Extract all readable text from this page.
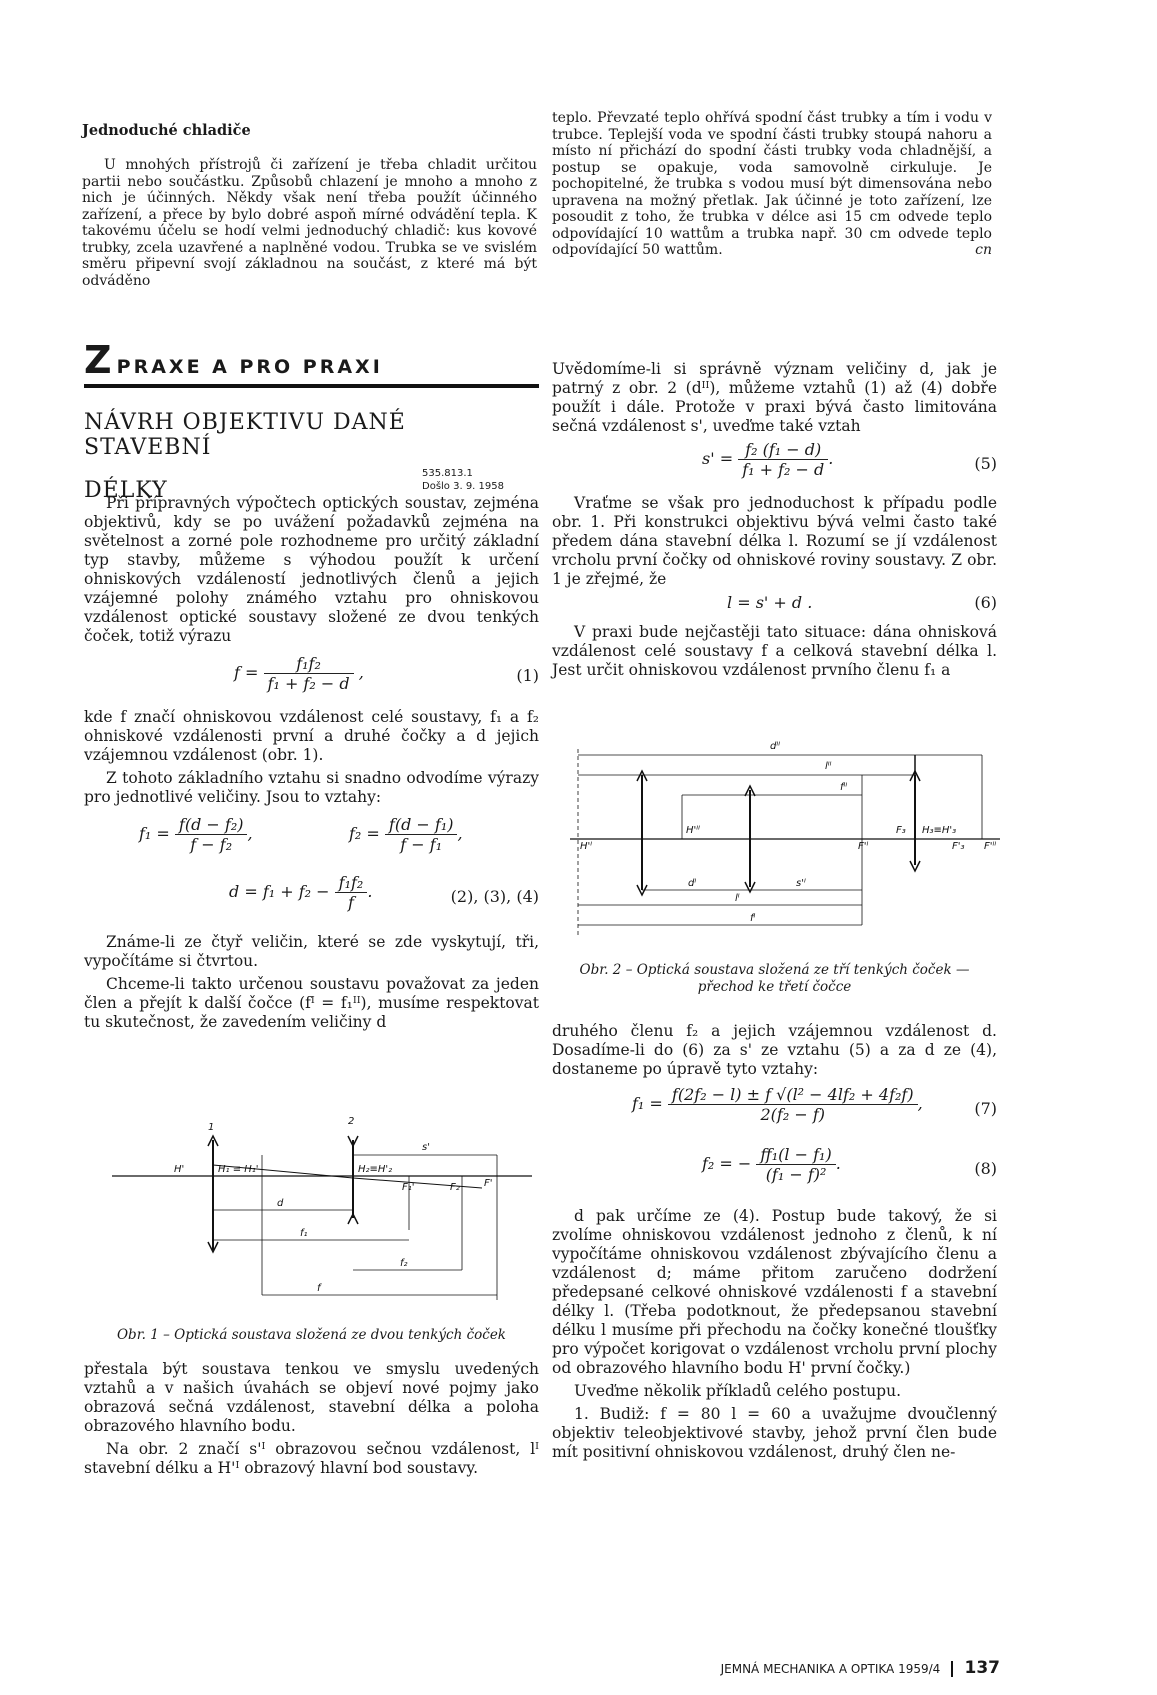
Jednoduché chladiče

U mnohých přístrojů či zařízení je třeba chladit určitou partii nebo součástku. Způsobů chlazení je mnoho a mnoho z nich je účinných. Někdy však není třeba použít účinného zařízení, a přece by bylo dobré aspoň mírné odvádění tepla. K takovému účelu se hodí velmi jednoduchý chladič: kus kovové trubky, zcela uzavřené a naplněné vodou. Trubka se ve svislém směru připevní svojí základnou na součást, z které má být odváděno

teplo. Převzaté teplo ohřívá spodní část trubky a tím i vodu v trubce. Teplejší voda ve spodní části trubky stoupá nahoru a místo ní přichází do spodní části trubky voda chladnější, a postup se opakuje, voda samovolně cirkuluje. Je pochopitelné, že trubka s vodou musí být dimensována nebo upravena na možný přetlak. Jak účinné je toto zařízení, lze posoudit z toho, že trubka v délce asi 15 cm odvede teplo odpovídající 10 wattům a trubka např. 30 cm odvede teplo odpovídající 50 wattům.	cn
Z PRAXE A PRO PRAXI
NÁVRH OBJEKTIVU DANÉ STAVEBNÍ
DÉLKY
535.813.1
Došlo 3. 9. 1958

Při přípravných výpočtech optických soustav, zejména objektivů, kdy se po uvážení požadavků zejména na světelnost a zorné pole rozhodneme pro určitý základní typ stavby, můžeme s výhodou použít k určení ohniskových vzdáleností jednotlivých členů a jejich vzájemné polohy známého vztahu pro ohniskovou vzdálenost optické soustavy složené ze dvou tenkých čoček, totiž výrazu

$f = \frac{\text{f₁f₂}}{\text{f₁ + f₂ − d}}$ ,	(1)

kde f značí ohniskovou vzdálenost celé soustavy, f₁ a f₂ ohniskové vzdálenosti první a druhé čočky a d jejich vzájemnou vzdálenost (obr. 1).

Z tohoto základního vztahu si snadno odvodíme výrazy pro jednotlivé veličiny. Jsou to vztahy:

$f_1 = \frac{\text{f(d − f₂)}}{\text{f − f₂}}$ ,	$f_2 = \frac{\text{f(d − f₁)}}{\text{f − f₁}}$ ,
$d = f_1 + f_2 - \frac{\text{f₁f₂}}{f}$ .	(2), (3), (4)

Známe-li ze čtyř veličin, které se zde vyskytují, tři, vypočítáme si čtvrtou.

Chceme-li takto určenou soustavu považovat za jeden člen a přejít k další čočce (fᴵ = f₁ᴵᴵ), musíme respektovat tu skutečnost, že zavedením veličiny d

1
2
H'	H₁ ≡ H₁'	H₂≡H'₂
F₁'	F₂ F'
s'
d
f₁
f₂
f
Obr. 1 – Optická soustava složená ze dvou tenkých čoček

přestala být soustava tenkou ve smyslu uvedených vztahů a v našich úvahách se objeví nové pojmy jako obrazová sečná vzdálenost, stavební délka a poloha obrazového hlavního bodu.

Na obr. 2 značí s'ᴵ obrazovou sečnou vzdálenost, lᴵ stavební délku a H'ᴵ obrazový hlavní bod soustavy.

Uvědomíme-li si správně význam veličiny d, jak je patrný z obr. 2 (dᴵᴵ), můžeme vztahů (1) až (4) dobře použít i dále. Protože v praxi bývá často limitována sečná vzdálenost s', uveďme také vztah

$s' = \frac{\text{f₂ (f₁ − d)}}{\text{f₁ + f₂ − d}}$ .	(5)

Vraťme se však pro jednoduchost k případu podle obr. 1. Při konstrukci objektivu bývá velmi často také předem dána stavební délka l. Rozumí se jí vzdálenost vrcholu první čočky od ohniskové roviny soustavy. Z obr. 1 je zřejmé, že

l = s' + d .	(6)

V praxi bude nejčastěji tato situace: dána ohnisková vzdálenost celé soustavy f a celková stavební délka l. Jest určit ohniskovou vzdálenost prvního členu f₁ a

dᴵᴵ
lᴵᴵ
fᴵᴵ
H'ᴵᴵ
H'ᴵ	F'ᴵ
F₃ H₃≡H'₃
F'₃ F'ᴵᴵ
dᴵ	s'ᴵ
lᴵ
fᴵ
Obr. 2 – Optická soustava složená ze tří tenkých čoček — přechod ke třetí čočce

druhého členu f₂ a jejich vzájemnou vzdálenost d. Dosadíme-li do (6) za s' ze vztahu (5) a za d ze (4), dostaneme po úpravě tyto vztahy:

$f_1 = \frac{\text{f(2f₂ − l) ± f √(l² − 4lf₂ + 4f₂f)}}{\text{2(f₂ − f)}}$ ,	(7)
f₂ = − $\frac{\text{ff₁(l − f₁)}}{\text{(f₁ − f)²}}$ .	(8)

d pak určíme ze (4). Postup bude takový, že si zvolíme ohniskovou vzdálenost jednoho z členů, k ní vypočítáme ohniskovou vzdálenost zbývajícího členu a vzdálenost d; máme přitom zaručeno dodržení předepsané celkové ohniskové vzdálenosti f a stavební délky l. (Třeba podotknout, že předepsanou stavební délku l musíme při přechodu na čočky konečné tloušťky pro výpočet korigovat o vzdálenost vrcholu první plochy od obrazového hlavního bodu H' první čočky.)

Uveďme několik příkladů celého postupu.

1. Budiž: f = 80 l = 60 a uvažujme dvoučlenný objektiv teleobjektivové stavby, jehož první člen bude mít positivní ohniskovou vzdálenost, druhý člen ne-

JEMNÁ MECHANIKA A OPTIKA 1959/4 137
